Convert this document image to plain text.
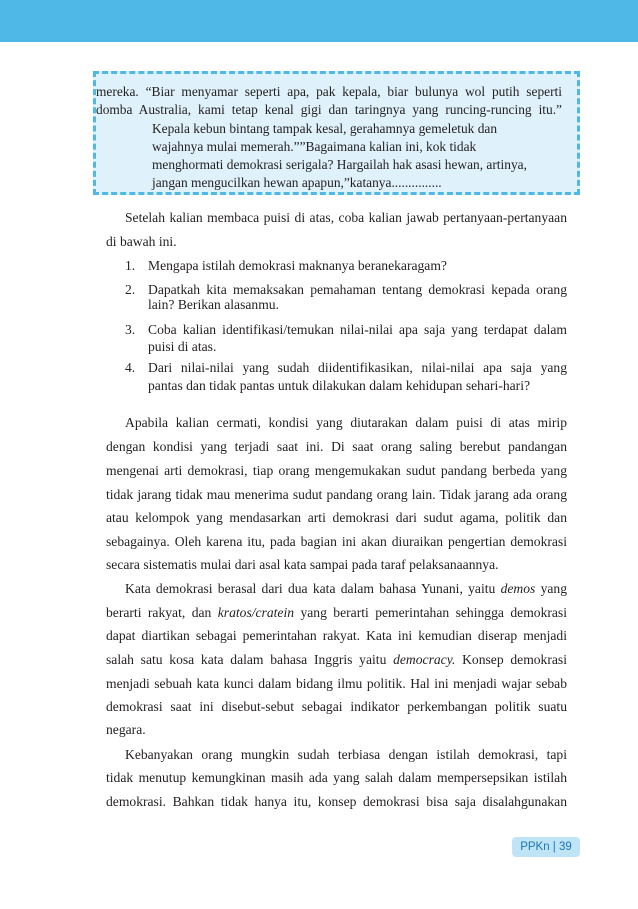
mereka. “Biar menyamar seperti apa, pak kepala, biar bulunya wol putih seperti
domba Australia, kami tetap kenal gigi dan taringnya yang runcing-runcing itu.”
Kepala kebun bintang tampak kesal, gerahamnya gemeletuk dan
wajahnya mulai memerah.””Bagaimana kalian ini, kok tidak
menghormati demokrasi serigala? Hargailah hak asasi hewan, artinya,
jangan mengucilkan hewan apapun,”katanya...............
Setelah kalian membaca puisi di atas, coba kalian jawab pertanyaan-pertanyaan
di bawah ini.
1. Mengapa istilah demokrasi maknanya beranekaragam?
2. Dapatkah kita memaksakan pemahaman tentang demokrasi kepada orang
lain? Berikan alasanmu.
3. Coba kalian identifikasi/temukan nilai-nilai apa saja yang terdapat dalam
puisi di atas.
4. Dari nilai-nilai yang sudah diidentifikasikan, nilai-nilai apa saja yang
pantas dan tidak pantas untuk dilakukan dalam kehidupan sehari-hari?
Apabila kalian cermati, kondisi yang diutarakan dalam puisi di atas mirip
dengan kondisi yang terjadi saat ini. Di saat orang saling berebut pandangan
mengenai arti demokrasi, tiap orang mengemukakan sudut pandang berbeda yang
tidak jarang tidak mau menerima sudut pandang orang lain. Tidak jarang ada orang
atau kelompok yang mendasarkan arti demokrasi dari sudut agama, politik dan
sebagainya. Oleh karena itu, pada bagian ini akan diuraikan pengertian demokrasi
secara sistematis mulai dari asal kata sampai pada taraf pelaksanaannya.
Kata demokrasi berasal dari dua kata dalam bahasa Yunani, yaitu demos yang
berarti rakyat, dan kratos/cratein yang berarti pemerintahan sehingga demokrasi
dapat diartikan sebagai pemerintahan rakyat. Kata ini kemudian diserap menjadi
salah satu kosa kata dalam bahasa Inggris yaitu democracy. Konsep demokrasi
menjadi sebuah kata kunci dalam bidang ilmu politik. Hal ini menjadi wajar sebab
demokrasi saat ini disebut-sebut sebagai indikator perkembangan politik suatu
negara.
Kebanyakan orang mungkin sudah terbiasa dengan istilah demokrasi, tapi
tidak menutup kemungkinan masih ada yang salah dalam mempersepsikan istilah
demokrasi. Bahkan tidak hanya itu, konsep demokrasi bisa saja disalahgunakan
PPKn | 39
